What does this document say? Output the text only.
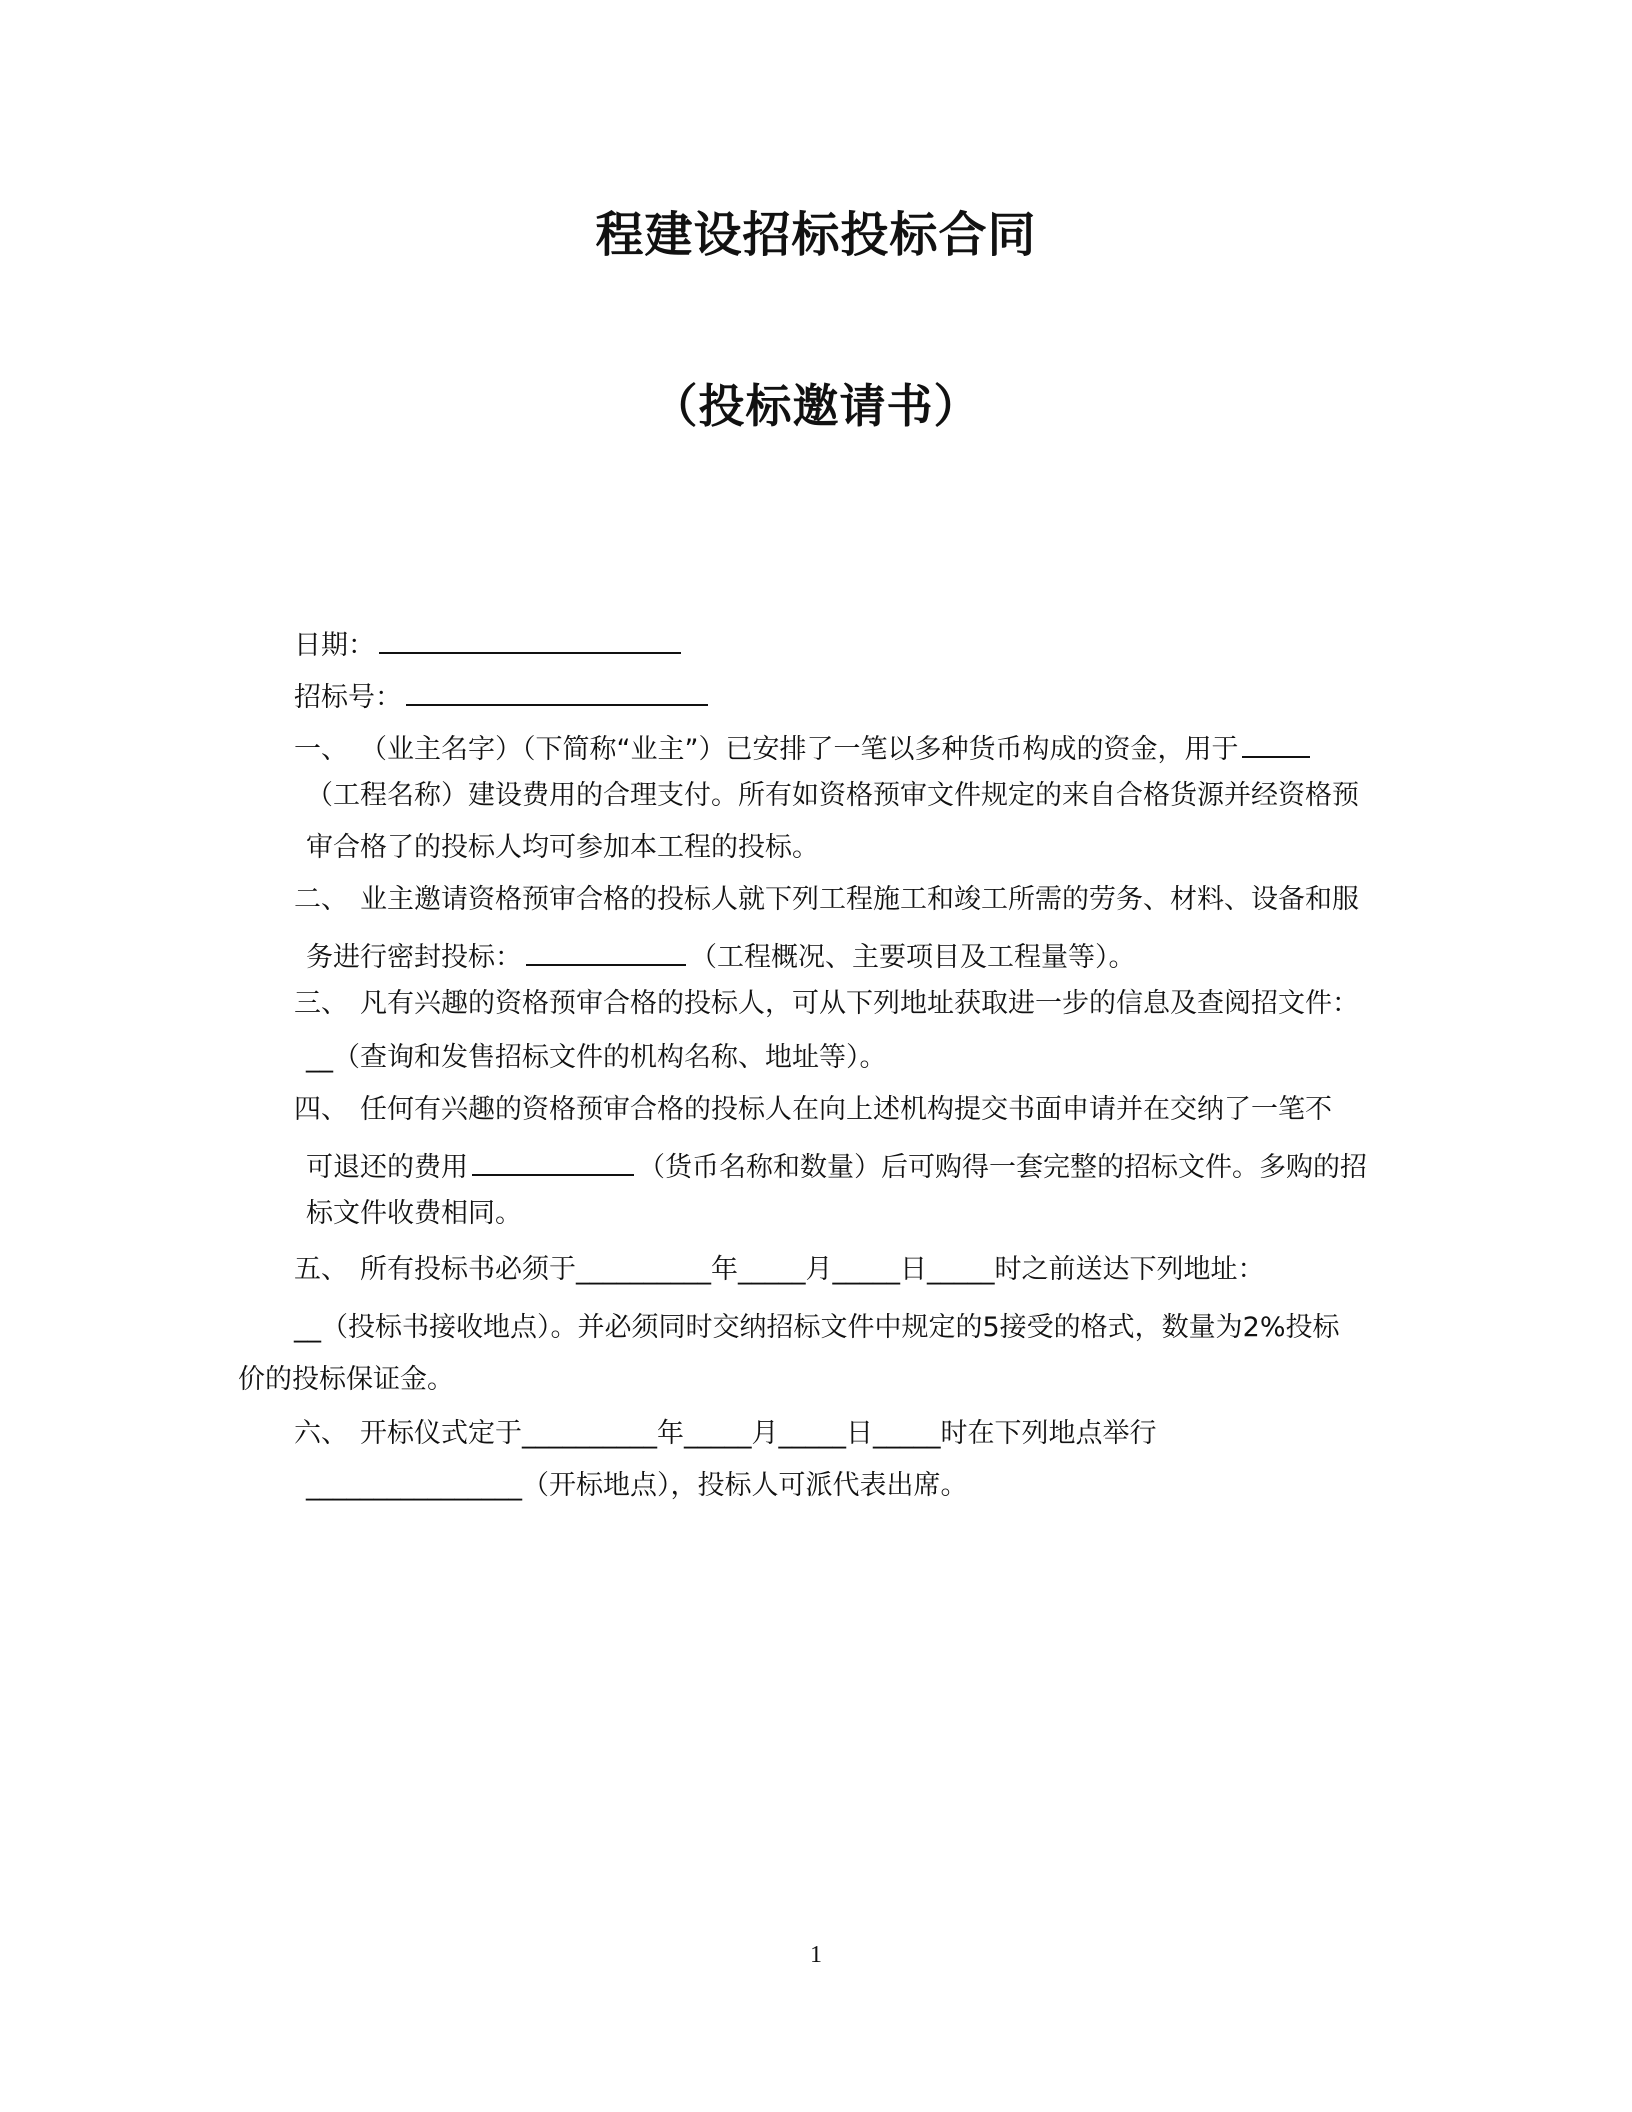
程建设招标投标合同
（投标邀请书）
日期：
招标号：
一、 （业主名字）（下简称“业主”）已安排了一笔以多种货币构成的资金，用于
（工程名称）建设费用的合理支付。所有如资格预审文件规定的来自合格货源并经资格预
审合格了的投标人均可参加本工程的投标。
二、 业主邀请资格预审合格的投标人就下列工程施工和竣工所需的劳务、材料、设备和服
务进行密封投标：	（工程概况、主要项目及工程量等）。
三、 凡有兴趣的资格预审合格的投标人，可从下列地址获取进一步的信息及查阅招文件：
__（查询和发售招标文件的机构名称、地址等）。
四、 任何有兴趣的资格预审合格的投标人在向上述机构提交书面申请并在交纳了一笔不
可退还的费用	（货币名称和数量）后可购得一套完整的招标文件。多购的招
标文件收费相同。
五、 所有投标书必须于__________年_____月_____日_____时之前送达下列地址：
__（投标书接收地点）。并必须同时交纳招标文件中规定的5接受的格式，数量为2%投标
价的投标保证金。
六、 开标仪式定于__________年_____月_____日_____时在下列地点举行
________________（开标地点），投标人可派代表出席。
1
